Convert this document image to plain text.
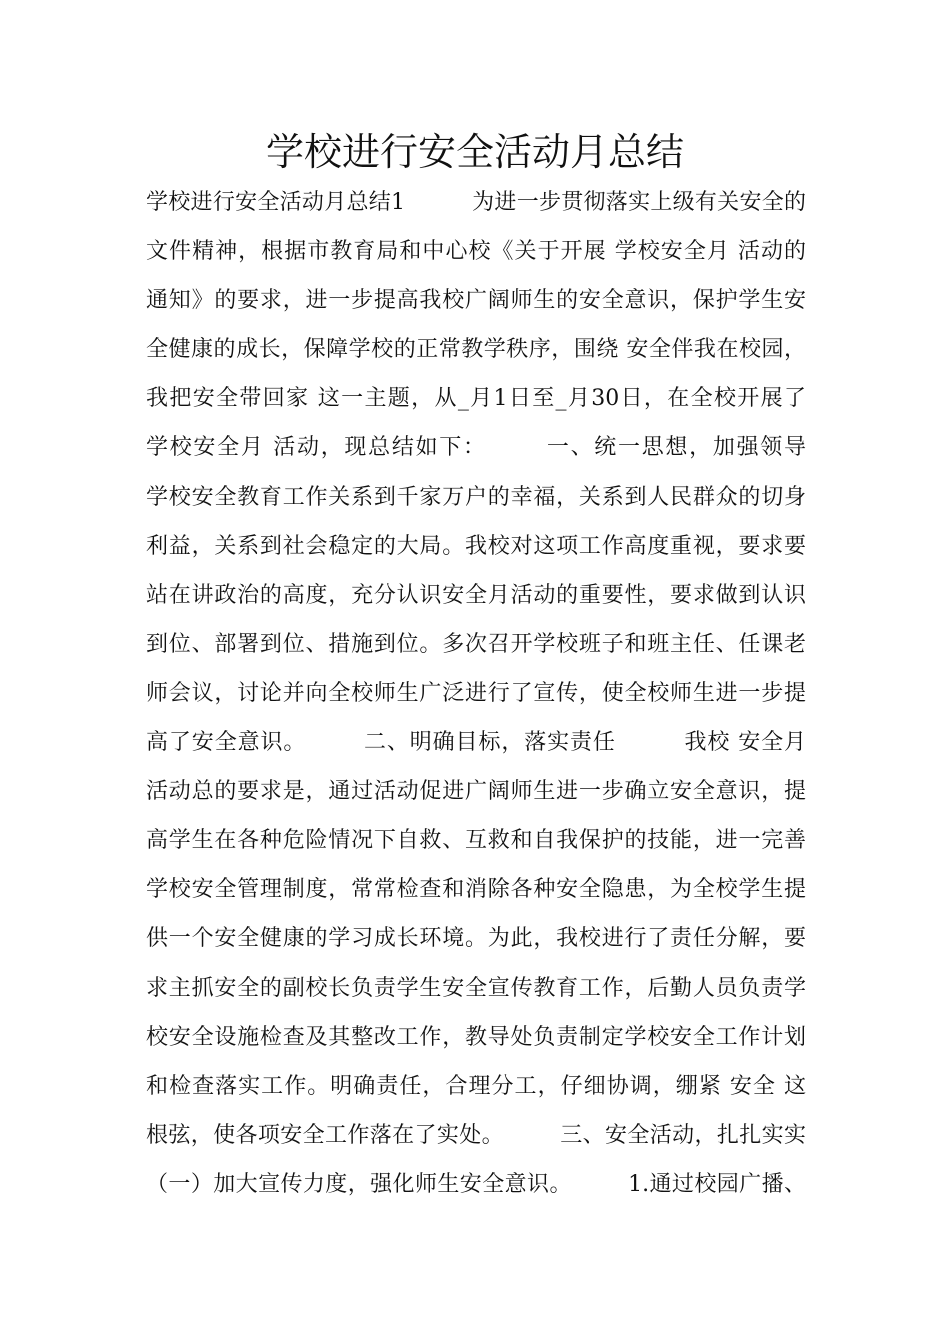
学校进行安全活动月总结
学校进行安全活动月总结1　　　为进一步贯彻落实上级有关安全的
文件精神，根据市教育局和中心校《关于开展 学校安全月 活动的
通知》的要求，进一步提高我校广阔师生的安全意识，保护学生安
全健康的成长，保障学校的正常教学秩序，围绕 安全伴我在校园，
我把安全带回家 这一主题，从_月1日至_月30日，在全校开展了
学校安全月 活动，现总结如下：　　　一、统一思想，加强领导
学校安全教育工作关系到千家万户的幸福，关系到人民群众的切身
利益，关系到社会稳定的大局。我校对这项工作高度重视，要求要
站在讲政治的高度，充分认识安全月活动的重要性，要求做到认识
到位、部署到位、措施到位。多次召开学校班子和班主任、任课老
师会议，讨论并向全校师生广泛进行了宣传，使全校师生进一步提
高了安全意识。　　　二、明确目标，落实责任　　　我校 安全月
活动总的要求是，通过活动促进广阔师生进一步确立安全意识，提
高学生在各种危险情况下自救、互救和自我保护的技能，进一完善
学校安全管理制度，常常检查和消除各种安全隐患，为全校学生提
供一个安全健康的学习成长环境。为此，我校进行了责任分解，要
求主抓安全的副校长负责学生安全宣传教育工作，后勤人员负责学
校安全设施检查及其整改工作，教导处负责制定学校安全工作计划
和检查落实工作。明确责任，合理分工，仔细协调，绷紧 安全 这
根弦，使各项安全工作落在了实处。　　　三、安全活动，扎扎实实
（一）加大宣传力度，强化师生安全意识。　　　1.通过校园广播、
